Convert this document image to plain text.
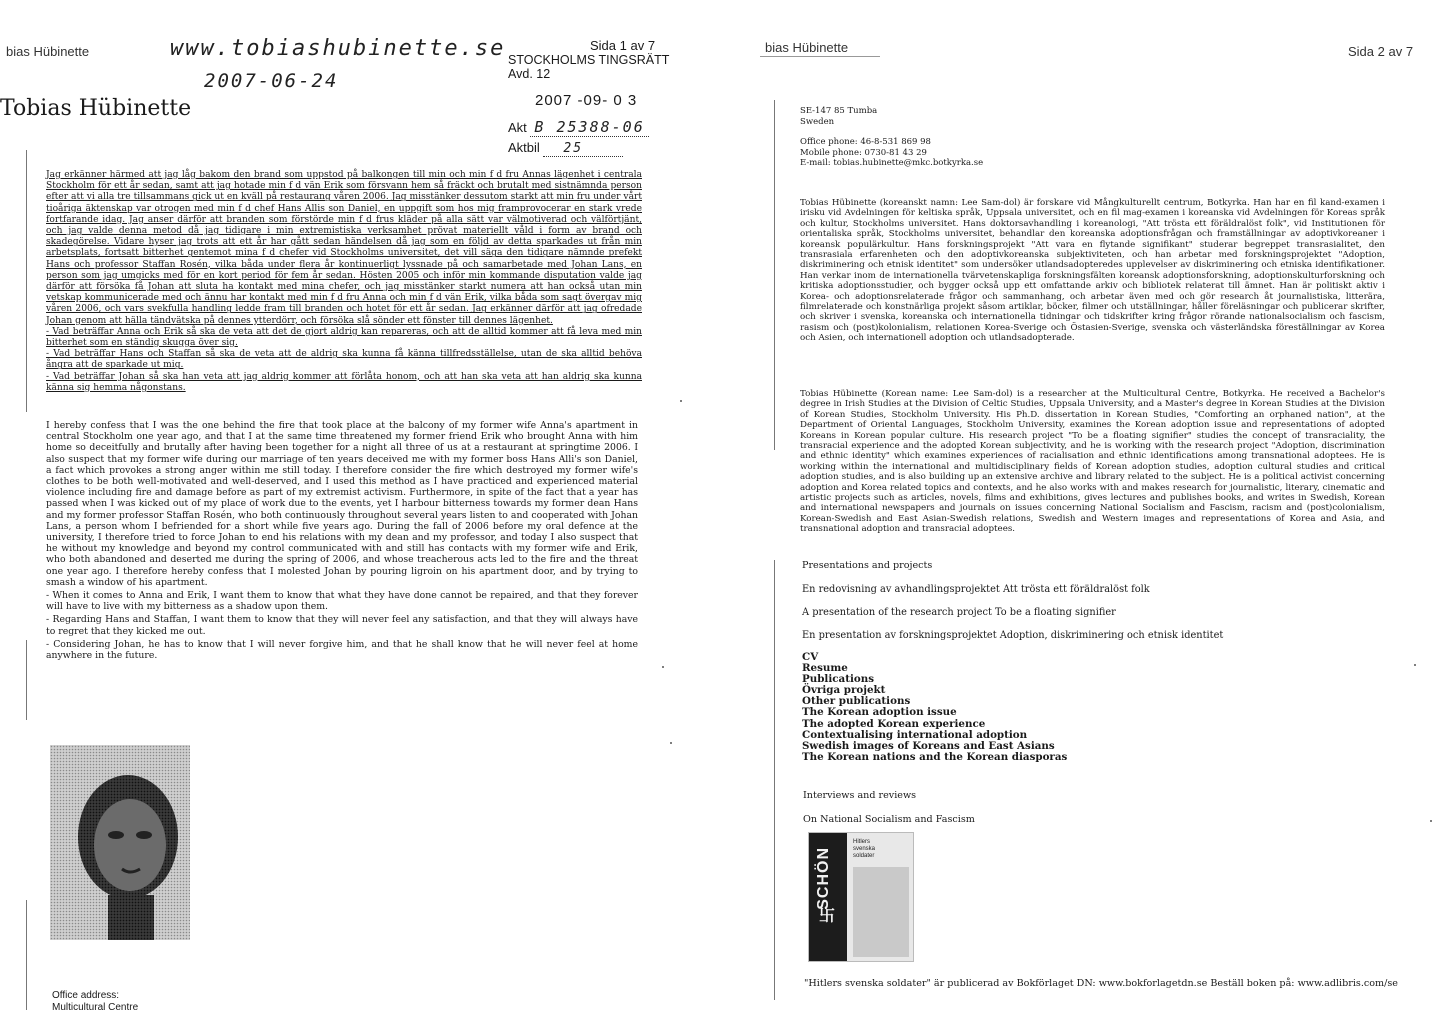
bias Hübinette	Sida 1 av 7
www.tobiashubinette.se
2007-06-24
STOCKHOLMS TINGSRÄTT
Avd. 12
2007 -09- 0 3
Akt B 25388-06
Aktbil 25
Tobias Hübinette
Jag erkänner härmed att jag låg bakom den brand som uppstod på balkongen till min och min f d fru Annas lägenhet i centrala Stockholm för ett år sedan, samt att jag hotade min f d vän Erik som försvann hem så fräckt och brutalt med sistnämnda person efter att vi alla tre tillsammans gick ut en kväll på restaurang våren 2006. Jag misstänker dessutom starkt att min fru under vårt tioåriga äktenskap var otrogen med min f d chef Hans Allis son Daniel, en uppgift som hos mig framprovocerar en stark vrede fortfarande idag. Jag anser därför att branden som förstörde min f d frus kläder på alla sätt var välmotiverad och välförtjänt, och jag valde denna metod då jag tidigare i min extremistiska verksamhet prövat materiellt våld i form av brand och skadegörelse. Vidare hyser jag trots att ett år har gått sedan händelsen då jag som en följd av detta sparkades ut från min arbetsplats, fortsatt bitterhet gentemot mina f d chefer vid Stockholms universitet, det vill säga den tidigare nämnde prefekt Hans och professor Staffan Rosén, vilka båda under flera år kontinuerligt lyssnade på och samarbetade med Johan Lans, en person som jag umgicks med för en kort period för fem år sedan. Hösten 2005 och inför min kommande disputation valde jag därför att försöka få Johan att sluta ha kontakt med mina chefer, och jag misstänker starkt numera att han också utan min vetskap kommunicerade med och ännu har kontakt med min f d fru Anna och min f d vän Erik, vilka båda som sagt övergav mig våren 2006, och vars svekfulla handling ledde fram till branden och hotet för ett år sedan. Jag erkänner därför att jag ofredade Johan genom att hälla tändvätska på dennes ytterdörr, och försöka slå sönder ett fönster till dennes lägenhet.
- Vad beträffar Anna och Erik så ska de veta att det de gjort aldrig kan repareras, och att de alltid kommer att få leva med min bitterhet som en ständig skugga över sig.
- Vad beträffar Hans och Staffan så ska de veta att de aldrig ska kunna få känna tillfredsställelse, utan de ska alltid behöva ångra att de sparkade ut mig.
- Vad beträffar Johan så ska han veta att jag aldrig kommer att förlåta honom, och att han ska veta att han aldrig ska kunna känna sig hemma någonstans.

I hereby confess that I was the one behind the fire that took place at the balcony of my former wife Anna's apartment in central Stockholm one year ago, and that I at the same time threatened my former friend Erik who brought Anna with him home so deceitfully and brutally after having been together for a night all three of us at a restaurant at springtime 2006. I also suspect that my former wife during our marriage of ten years deceived me with my former boss Hans Alli's son Daniel, a fact which provokes a strong anger within me still today. I therefore consider the fire which destroyed my former wife's clothes to be both well-motivated and well-deserved, and I used this method as I have practiced and experienced material violence including fire and damage before as part of my extremist activism. Furthermore, in spite of the fact that a year has passed when I was kicked out of my place of work due to the events, yet I harbour bitterness towards my former dean Hans and my former professor Staffan Rosén, who both continuously throughout several years listen to and cooperated with Johan Lans, a person whom I befriended for a short while five years ago. During the fall of 2006 before my oral defence at the university, I therefore tried to force Johan to end his relations with my dean and my professor, and today I also suspect that he without my knowledge and beyond my control communicated with and still has contacts with my former wife and Erik, who both abandoned and deserted me during the spring of 2006, and whose treacherous acts led to the fire and the threat one year ago. I therefore hereby confess that I molested Johan by pouring ligroin on his apartment door, and by trying to smash a window of his apartment.

- When it comes to Anna and Erik, I want them to know that what they have done cannot be repaired, and that they forever will have to live with my bitterness as a shadow upon them.

- Regarding Hans and Staffan, I want them to know that they will never feel any satisfaction, and that they will always have to regret that they kicked me out.

- Considering Johan, he has to know that I will never forgive him, and that he shall know that he will never feel at home anywhere in the future.

Office address:
Multicultural Centre
bias Hübinette	Sida 2 av 7
SE-147 85 Tumba
Sweden
Office phone: 46-8-531 869 98
Mobile phone: 0730-81 43 29
E-mail: tobias.hubinette@mkc.botkyrka.se
Tobias Hübinette (koreanskt namn: Lee Sam-dol) är forskare vid Mångkulturellt centrum, Botkyrka. Han har en fil kand-examen i irisku vid Avdelningen för keltiska språk, Uppsala universitet, och en fil mag-examen i koreanska vid Avdelningen för Koreas språk och kultur, Stockholms universitet. Hans doktorsavhandling i koreanologi, "Att trösta ett föräldralöst folk", vid Institutionen för orientaliska språk, Stockholms universitet, behandlar den koreanska adoptionsfrågan och framställningar av adoptivkoreaner i koreansk populärkultur. Hans forskningsprojekt "Att vara en flytande signifikant" studerar begreppet transrasialitet, den transrasiala erfarenheten och den adoptivkoreanska subjektiviteten, och han arbetar med forskningsprojektet "Adoption, diskriminering och etnisk identitet" som undersöker utlandsadopteredes upplevelser av diskriminering och etniska identifikationer. Han verkar inom de internationella tvärvetenskapliga forskningsfälten koreansk adoptionsforskning, adoptionskulturforskning och kritiska adoptionsstudier, och bygger också upp ett omfattande arkiv och bibliotek relaterat till ämnet. Han är politiskt aktiv i Korea- och adoptionsrelaterade frågor och sammanhang, och arbetar även med och gör research åt journalistiska, litterära, filmrelaterade och konstnärliga projekt såsom artiklar, böcker, filmer och utställningar, håller föreläsningar och publicerar skrifter, och skriver i svenska, koreanska och internationella tidningar och tidskrifter kring frågor rörande nationalsocialism och fascism, rasism och (post)kolonialism, relationen Korea-Sverige och Östasien-Sverige, svenska och västerländska föreställningar av Korea och Asien, och internationell adoption och utlandsadopterade.
Tobias Hübinette (Korean name: Lee Sam-dol) is a researcher at the Multicultural Centre, Botkyrka. He received a Bachelor's degree in Irish Studies at the Division of Celtic Studies, Uppsala University, and a Master's degree in Korean Studies at the Division of Korean Studies, Stockholm University. His Ph.D. dissertation in Korean Studies, "Comforting an orphaned nation", at the Department of Oriental Languages, Stockholm University, examines the Korean adoption issue and representations of adopted Koreans in Korean popular culture. His research project "To be a floating signifier" studies the concept of transraciality, the transracial experience and the adopted Korean subjectivity, and he is working with the research project "Adoption, discrimination and ethnic identity" which examines experiences of racialisation and ethnic identifications among transnational adoptees. He is working within the international and multidisciplinary fields of Korean adoption studies, adoption cultural studies and critical adoption studies, and is also building up an extensive archive and library related to the subject. He is a political activist concerning adoption and Korea related topics and contexts, and he also works with and makes research for journalistic, literary, cinematic and artistic projects such as articles, novels, films and exhibitions, gives lectures and publishes books, and writes in Swedish, Korean and international newspapers and journals on issues concerning National Socialism and Fascism, racism and (post)colonialism, Korean-Swedish and East Asian-Swedish relations, Swedish and Western images and representations of Korea and Asia, and transnational adoption and transracial adoptees.
Presentations and projects
En redovisning av avhandlingsprojektet Att trösta ett föräldralöst folk
A presentation of the research project To be a floating signifier
En presentation av forskningsprojektet Adoption, diskriminering och etnisk identitet
CV
Resume
Publications
Övriga projekt
Other publications
The Korean adoption issue
The adopted Korean experience
Contextualising international adoption
Swedish images of Koreans and East Asians
The Korean nations and the Korean diasporas
Interviews and reviews
On National Socialism and Fascism
SCHÖN
Hitlers
svenska
soldater
卐
"Hitlers svenska soldater" är publicerad av Bokförlaget DN: www.bokforlagetdn.se Beställ boken på: www.adlibris.com/se
